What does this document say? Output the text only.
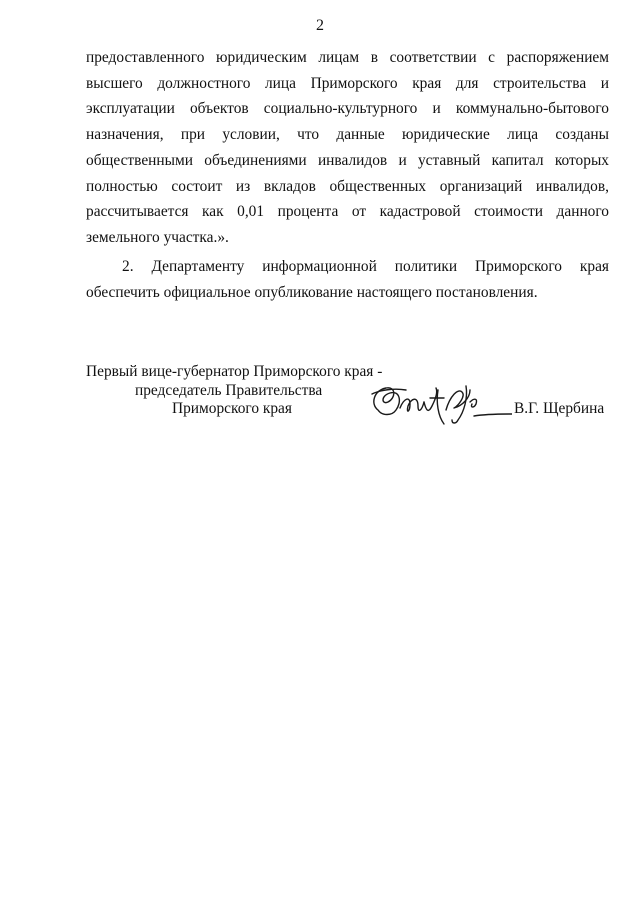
2

предоставленного юридическим лицам в соответствии с распоряжением высшего должностного лица Приморского края для строительства и эксплуатации объектов социально-культурного и коммунально-бытового назначения, при условии, что данные юридические лица созданы общественными объединениями инвалидов и уставный капитал которых полностью состоит из вкладов общественных организаций инвалидов, рассчитывается как 0,01 процента от кадастровой стоимости данного земельного участка.».

2. Департаменту информационной политики Приморского края обеспечить официальное опубликование настоящего постановления.

Первый вице-губернатор Приморского края -
председатель Правительства
Приморского края	В.Г. Щербина
